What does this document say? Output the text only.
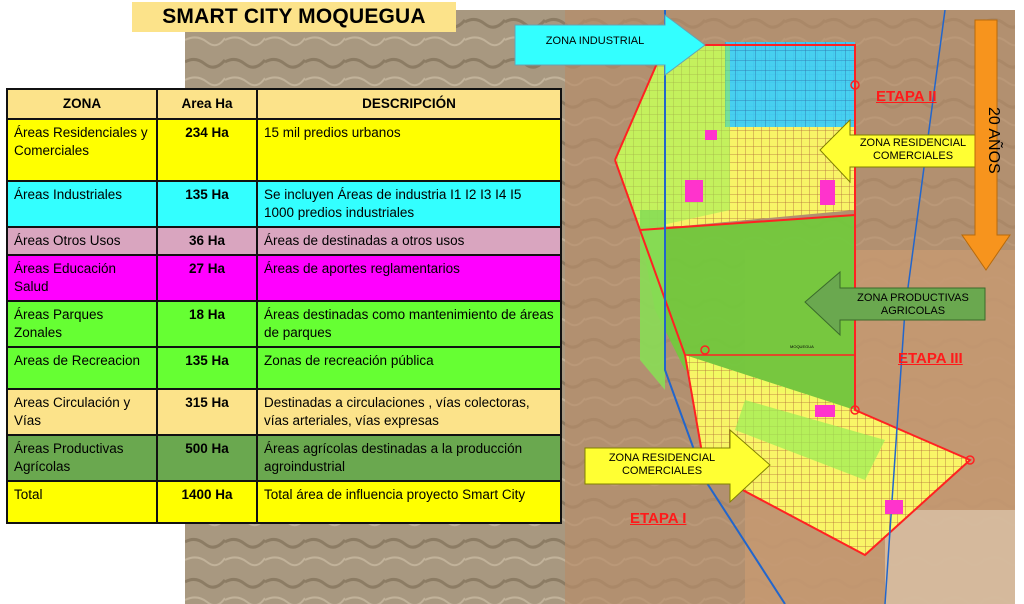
MOQUEGUA
ZONA INDUSTRIAL
ZONA RESIDENCIAL COMERCIALES
ZONA PRODUCTIVAS AGRICOLAS
ZONA RESIDENCIAL COMERCIALES
ETAPA II
ETAPA III
ETAPA I
20 AÑOS
SMART CITY MOQUEGUA
ZONA	Area Ha	DESCRIPCIÓN
Áreas Residenciales y Comerciales	234 Ha	15 mil predios urbanos
Áreas Industriales	135 Ha	Se incluyen Áreas de industria I1 I2 I3 I4 I5 1000 predios industriales
Áreas Otros Usos	36 Ha	Áreas de destinadas a otros usos
Áreas Educación Salud	27 Ha	Áreas de aportes reglamentarios
Áreas Parques Zonales	18 Ha	Áreas destinadas como mantenimiento de áreas de parques
Areas de Recreacion	135 Ha	Zonas de recreación pública
Areas Circulación y Vías	315 Ha	Destinadas a circulaciones , vías colectoras, vías arteriales, vías expresas
Áreas Productivas Agrícolas	500 Ha	Áreas agrícolas destinadas a la producción agroindustrial
Total	1400 Ha	Total área de influencia proyecto Smart City
